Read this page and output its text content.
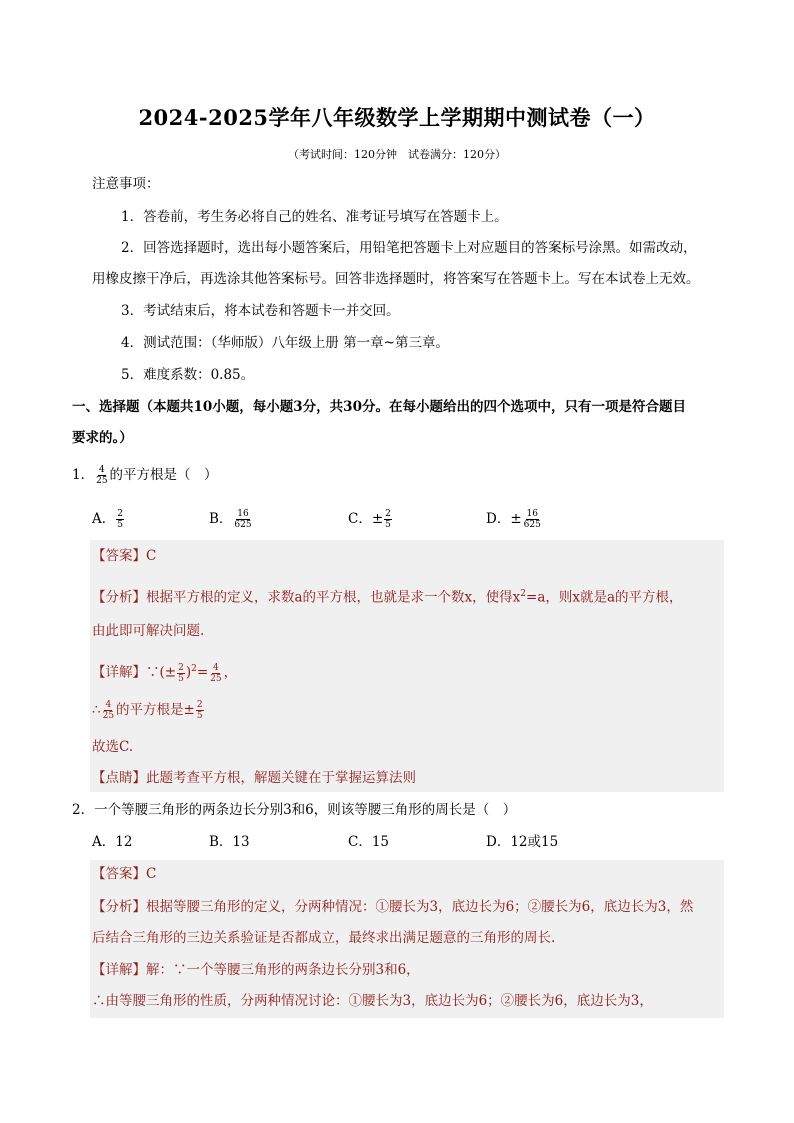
2024-2025学年八年级数学上学期期中测试卷（一）
（考试时间：120分钟　试卷满分：120分）
注意事项：
1．答卷前，考生务必将自己的姓名、准考证号填写在答题卡上。
2．回答选择题时，选出每小题答案后，用铅笔把答题卡上对应题目的答案标号涂黑。如需改动，
用橡皮擦干净后，再选涂其他答案标号。回答非选择题时，将答案写在答题卡上。写在本试卷上无效。
3．考试结束后，将本试卷和答题卡一并交回。
4．测试范围：（华师版）八年级上册 第一章~第三章。
5．难度系数：0.85。
一、选择题（本题共10小题，每小题3分，共30分。在每小题给出的四个选项中，只有一项是符合题目
要求的。）
1． $\frac{4}{25}$ 的平方根是（　）
A． $\frac{2}{5}$	B． $\frac{16}{625}$	C．± $\frac{2}{5}$	D．± $\frac{16}{625}$
【答案】C
【分析】根据平方根的定义，求数a的平方根，也就是求一个数x，使得$x^2=a$，则x就是a的平方根，
由此即可解决问题.
【详解】∵(± $\frac{2}{5} )^2= \frac{4}{25}$ ，
∴ $\frac{4}{25}$ 的平方根是± $\frac{2}{5}$
故选C.
【点睛】此题考查平方根，解题关键在于掌握运算法则
2．一个等腰三角形的两条边长分别3和6，则该等腰三角形的周长是（　）
A．12	B．13	C．15	D．12或15
【答案】C
【分析】根据等腰三角形的定义，分两种情况：①腰长为3，底边长为6；②腰长为6，底边长为3，然
后结合三角形的三边关系验证是否都成立，最终求出满足题意的三角形的周长.
【详解】解：∵一个等腰三角形的两条边长分别3和6，
∴由等腰三角形的性质，分两种情况讨论：①腰长为3，底边长为6；②腰长为6，底边长为3，
